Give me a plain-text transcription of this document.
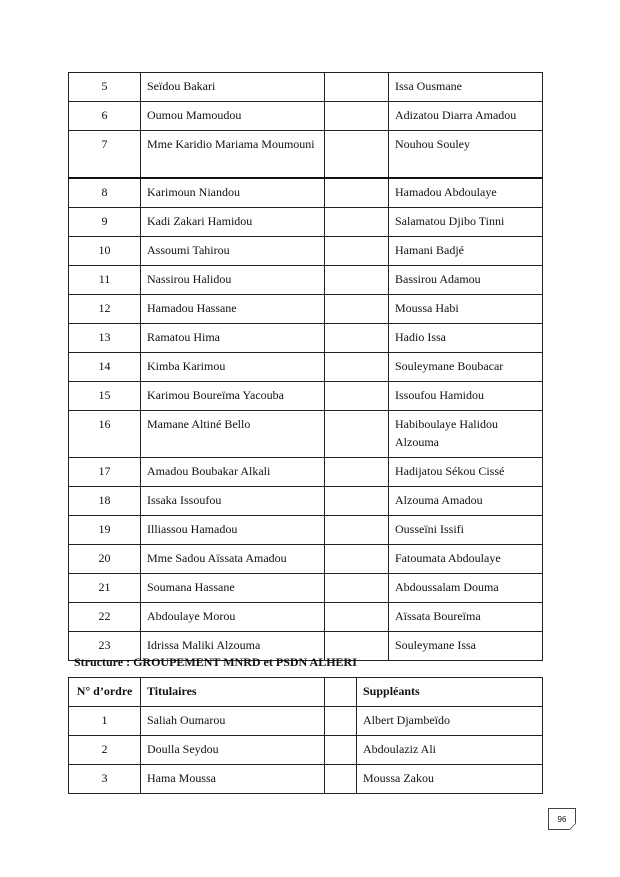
5	Seïdou Bakari		Issa Ousmane
6	Oumou Mamoudou		Adizatou Diarra Amadou
7	Mme Karidio Mariama Moumouni		Nouhou Souley
8	Karimoun Niandou		Hamadou Abdoulaye
9	Kadi Zakari Hamidou		Salamatou Djibo Tinni
10	Assoumi Tahirou		Hamani Badjé
11	Nassirou Halidou		Bassirou Adamou
12	Hamadou Hassane		Moussa Habi
13	Ramatou Hima		Hadio Issa
14	Kimba Karimou		Souleymane Boubacar
15	Karimou Boureïma Yacouba		Issoufou Hamidou
16	Mamane Altiné Bello		Habiboulaye Halidou Alzouma
17	Amadou Boubakar Alkali		Hadijatou Sékou Cissé
18	Issaka Issoufou		Alzouma Amadou
19	Illiassou Hamadou		Ousseïni Issifi
20	Mme Sadou Aïssata Amadou		Fatoumata Abdoulaye
21	Soumana Hassane		Abdoussalam Douma
22	Abdoulaye Morou		Aïssata Boureïma
23	Idrissa Maliki Alzouma		Souleymane Issa
Structure : GROUPEMENT MNRD et PSDN ALHERI
N° d’ordre	Titulaires		Suppléants
1	Saliah Oumarou		Albert Djambeïdo
2	Doulla Seydou		Abdoulaziz Ali
3	Hama Moussa		Moussa Zakou
96
